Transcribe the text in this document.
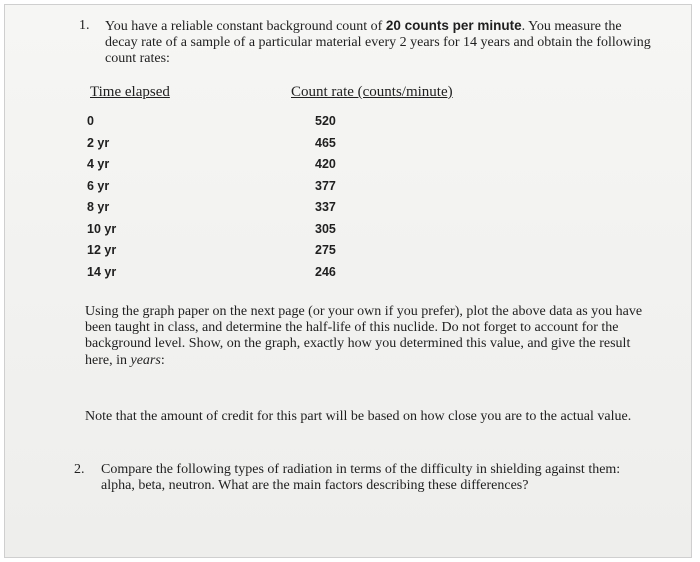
1. You have a reliable constant background count of 20 counts per minute. You measure the decay rate of a sample of a particular material every 2 years for 14 years and obtain the following count rates:
Time elapsed	Count rate (counts/minute)
0
2 yr
4 yr
6 yr
8 yr
10 yr
12 yr
14 yr
520
465
420
377
337
305
275
246
Using the graph paper on the next page (or your own if you prefer), plot the above data as you have been taught in class, and determine the half-life of this nuclide. Do not forget to account for the background level. Show, on the graph, exactly how you determined this value, and give the result here, in years:
Note that the amount of credit for this part will be based on how close you are to the actual value.
2. Compare the following types of radiation in terms of the difficulty in shielding against them: alpha, beta, neutron. What are the main factors describing these differences?
